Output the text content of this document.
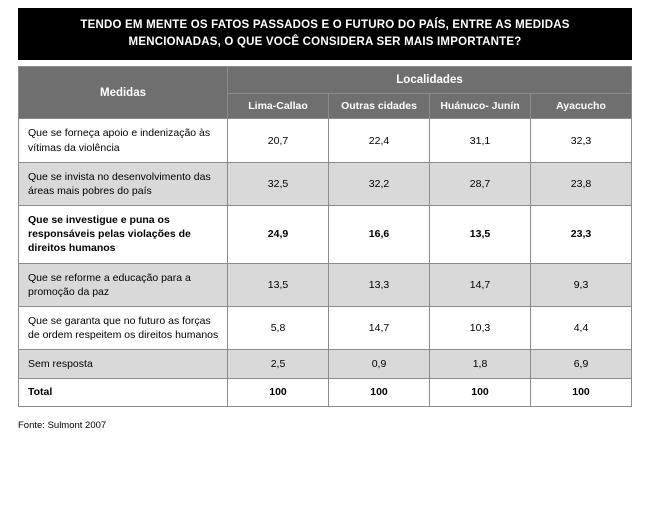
TENDO EM MENTE OS FATOS PASSADOS E O FUTURO DO PAÍS, ENTRE AS MEDIDAS MENCIONADAS, O QUE VOCÊ CONSIDERA SER MAIS IMPORTANTE?
Medidas	Localidades			
	Lima-Callao	Outras cidades	Huánuco- Junín	Ayacucho
Que se forneça apoio e indenização às vítimas da violência	20,7	22,4	31,1	32,3
Que se invista no desenvolvimento das áreas mais pobres do país	32,5	32,2	28,7	23,8
Que se investigue e puna os responsáveis pelas violações de direitos humanos	24,9	16,6	13,5	23,3
Que se reforme a educação para a promoção da paz	13,5	13,3	14,7	9,3
Que se garanta que no futuro as forças de ordem respeitem os direitos humanos	5,8	14,7	10,3	4,4
Sem resposta	2,5	0,9	1,8	6,9
Total	100	100	100	100
Fonte: Sulmont 2007
